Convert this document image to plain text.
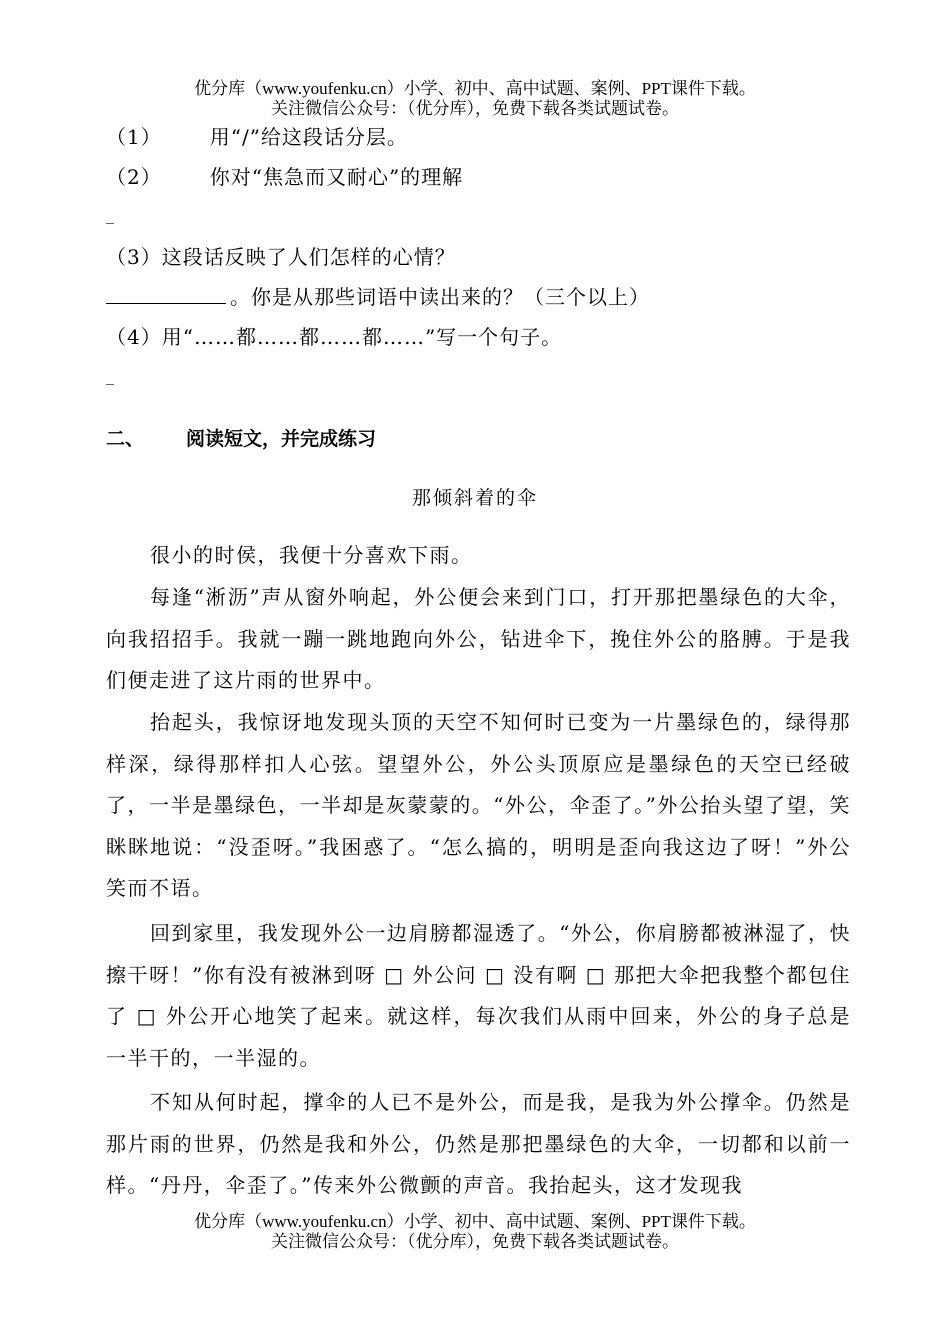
优分库（www.youfenku.cn）小学、初中、高中试题、案例、PPT课件下载。
关注微信公众号：（优分库），免费下载各类试题试卷。
（1） 用“/”给这段话分层。
（2） 你对“焦急而又耐心”的理解
_
（3）这段话反映了人们怎样的心情？
。你是从那些词语中读出来的？（三个以上）
（4）用“……都……都……都……”写一个句子。
_
二、 阅读短文，并完成练习
那倾斜着的伞
很小的时侯，我便十分喜欢下雨。
每逢“淅沥”声从窗外响起，外公便会来到门口，打开那把墨绿色的大伞，向我招招手。我就一蹦一跳地跑向外公，钻进伞下，挽住外公的胳膊。于是我们便走进了这片雨的世界中。
抬起头，我惊讶地发现头顶的天空不知何时已变为一片墨绿色的，绿得那样深，绿得那样扣人心弦。望望外公，外公头顶原应是墨绿色的天空已经破了，一半是墨绿色，一半却是灰蒙蒙的。“外公，伞歪了。”外公抬头望了望，笑眯眯地说：“没歪呀。”我困惑了。“怎么搞的，明明是歪向我这边了呀！”外公笑而不语。
回到家里，我发现外公一边肩膀都湿透了。“外公，你肩膀都被淋湿了，快擦干呀！”你有没有被淋到呀 □ 外公问 □ 没有啊 □ 那把大伞把我整个都包住了 □ 外公开心地笑了起来。就这样，每次我们从雨中回来，外公的身子总是一半干的，一半湿的。
不知从何时起，撑伞的人已不是外公，而是我，是我为外公撑伞。仍然是那片雨的世界，仍然是我和外公，仍然是那把墨绿色的大伞，一切都和以前一样。“丹丹，伞歪了。”传来外公微颤的声音。我抬起头，这才发现我
优分库（www.youfenku.cn）小学、初中、高中试题、案例、PPT课件下载。
关注微信公众号：（优分库），免费下载各类试题试卷。
